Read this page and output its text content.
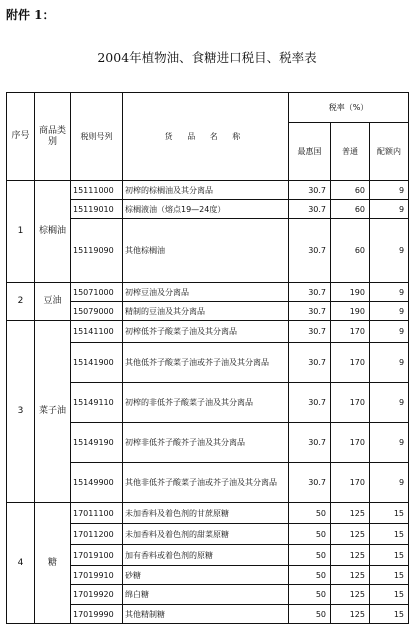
附件 1：
2004年植物油、食糖进口税目、税率表
序号	商品类别	税则号列	货 品 名 称	税率（%）		
				最惠国	普通	配额内
1	棕榈油	15111000	初榨的棕榈油及其分离品	30.7	60	9
		15119010	棕榈液油（熔点19—24度）	30.7	60	9
		15119090	其他棕榈油	30.7	60	9
2	豆油	15071000	初榨豆油及分离品	30.7	190	9
		15079000	精制的豆油及其分离品	30.7	190	9
3	菜子油	15141100	初榨低芥子酸菜子油及其分离品	30.7	170	9
		15141900	其他低芥子酸菜子油或芥子油及其分离品	30.7	170	9
		15149110	初榨的非低芥子酸菜子油及其分离品	30.7	170	9
		15149190	初榨非低芥子酸芥子油及其分离品	30.7	170	9
		15149900	其他非低芥子酸菜子油或芥子油及其分离品	30.7	170	9
4	糖	17011100	未加香料及着色剂的甘蔗原糖	50	125	15
		17011200	未加香料及着色剂的甜菜原糖	50	125	15
		17019100	加有香料或着色剂的原糖	50	125	15
		17019910	砂糖	50	125	15
		17019920	绵白糖	50	125	15
		17019990	其他精制糖	50	125	15
